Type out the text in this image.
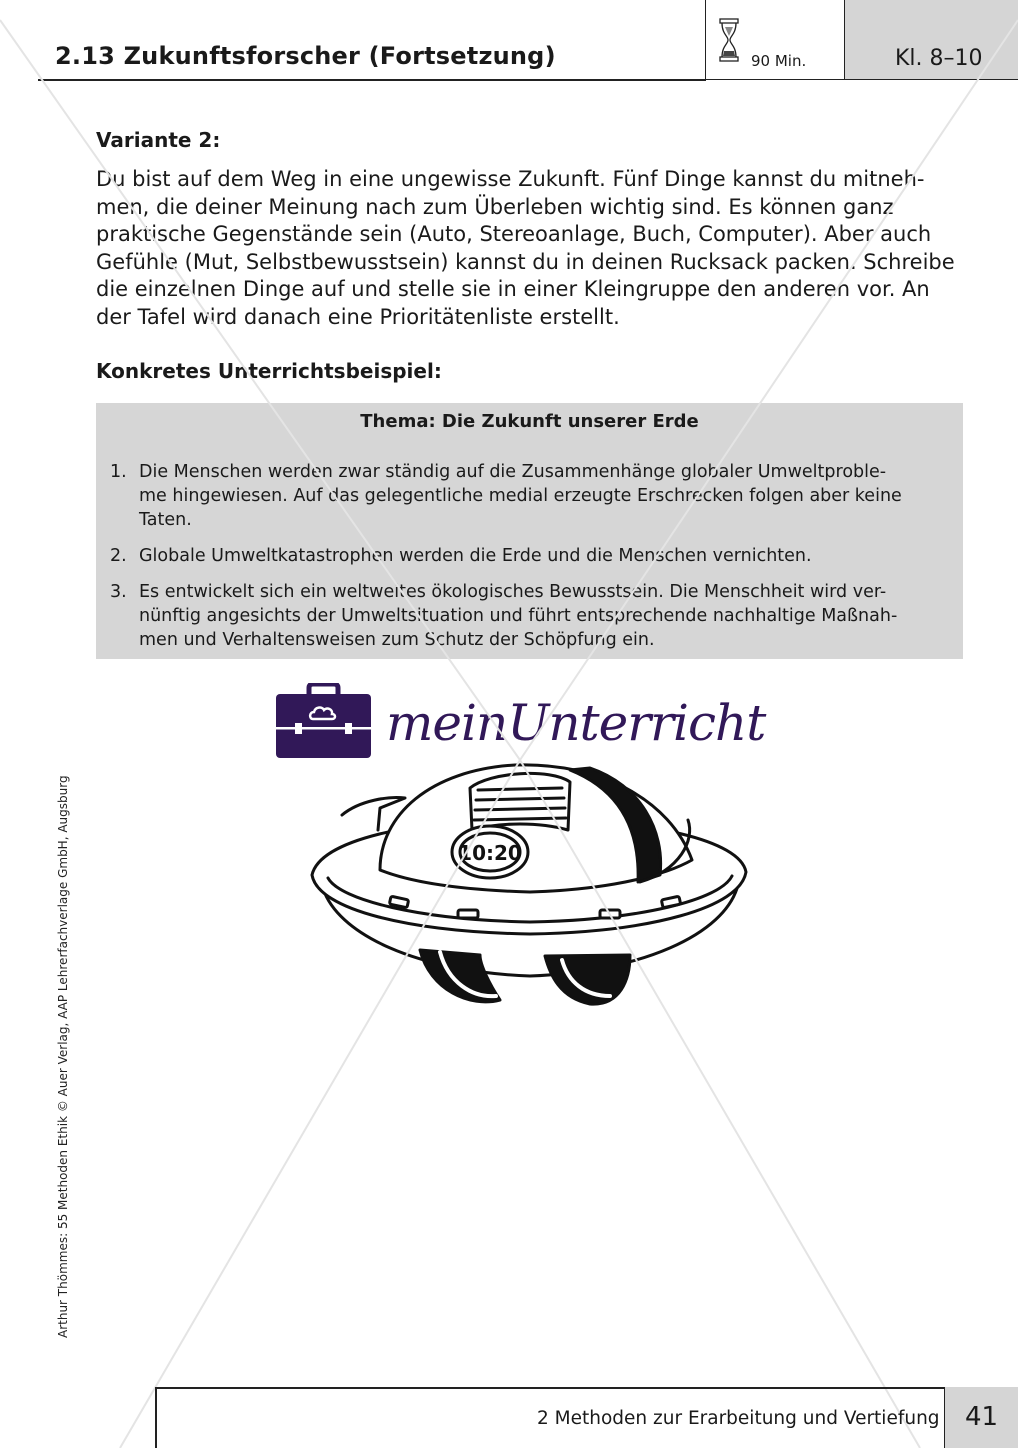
2.13 Zukunftsforscher (Fortsetzung)	90 Min.	Kl. 8–10
Variante 2:
Du bist auf dem Weg in eine ungewisse Zukunft. Fünf Dinge kannst du mitneh-
men, die deiner Meinung nach zum Überleben wichtig sind. Es können ganz
praktische Gegenstände sein (Auto, Stereoanlage, Buch, Computer). Aber auch
Gefühle (Mut, Selbstbewusstsein) kannst du in deinen Rucksack packen. Schreibe
die einzelnen Dinge auf und stelle sie in einer Kleingruppe den anderen vor. An
der Tafel wird danach eine Prioritätenliste erstellt.
Konkretes Unterrichtsbeispiel:
Thema: Die Zukunft unserer Erde
1. Die Menschen werden zwar ständig auf die Zusammenhänge globaler Umweltproble-
me hingewiesen. Auf das gelegentliche medial erzeugte Erschrecken folgen aber keine
Taten.
2. Globale Umweltkatastrophen werden die Erde und die Menschen vernichten.
3. Es entwickelt sich ein weltweites ökologisches Bewusstsein. Die Menschheit wird ver-
nünftig angesichts der Umweltsituation und führt entsprechende nachhaltige Maßnah-
men und Verhaltensweisen zum Schutz der Schöpfung ein.
10:20
meinUnterricht
Arthur Thömmes: 55 Methoden Ethik © Auer Verlag, AAP Lehrerfachverlage GmbH, Augsburg
2 Methoden zur Erarbeitung und Vertiefung 41
